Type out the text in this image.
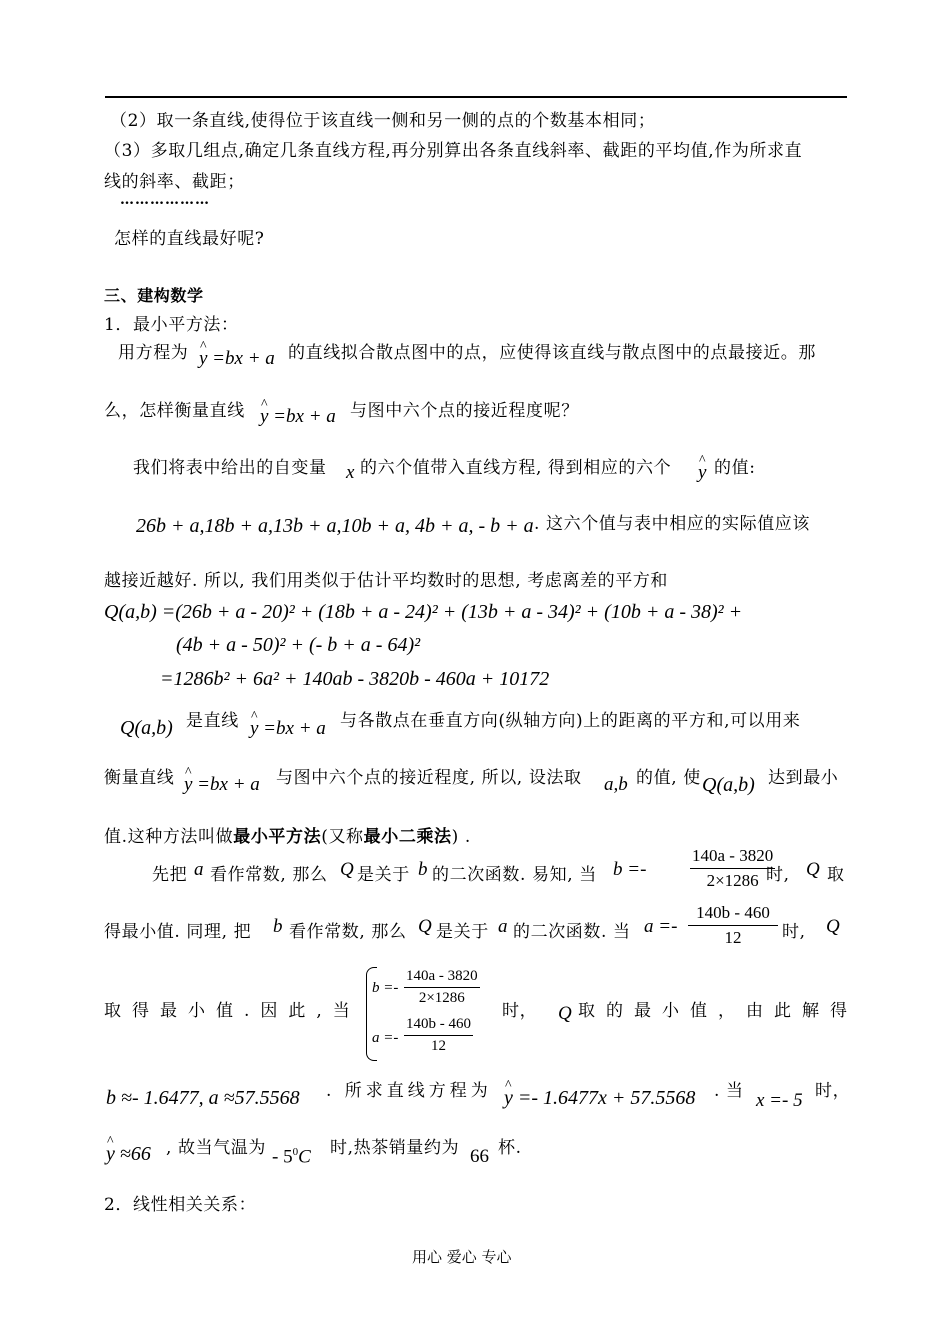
（2）取一条直线,使得位于该直线一侧和另一侧的点的个数基本相同；
（3）多取几组点,确定几条直线方程,再分别算出各条直线斜率、截距的平均值,作为所求直
线的斜率、截距；
………………
怎样的直线最好呢?
三、建构数学
1．最小平方法：
用方程为 ^ y =bx + a 的直线拟合散点图中的点，应使得该直线与散点图中的点最接近。那
么，怎样衡量直线 ^ y =bx + a 与图中六个点的接近程度呢？
我们将表中给出的自变量 x 的六个值带入直线方程, 得到相应的六个 ^ y 的值:
26b + a,18b + a,13b + a,10b + a, 4b + a, - b + a . 这六个值与表中相应的实际值应该
越接近越好. 所以, 我们用类似于估计平均数时的思想, 考虑离差的平方和
Q(a,b) =(26b + a - 20)² + (18b + a - 24)² + (13b + a - 34)² + (10b + a - 38)² +
(4b + a - 50)² + (- b + a - 64)²
=1286b² + 6a² + 140ab - 3820b - 460a + 10172
Q(a,b) 是直线 ^ y =bx + a 与各散点在垂直方向(纵轴方向)上的距离的平方和,可以用来
衡量直线 ^ y =bx + a 与图中六个点的接近程度, 所以, 设法取 a,b 的值, 使 Q(a,b) 达到最小
值.这种方法叫做最小平方法(又称最小二乘法) .
先把 a 看作常数, 那么 Q 是关于 b 的二次函数. 易知, 当 b =-	$\frac{140a - 3820}{2\times 1286}$
时, Q 取
得最小值. 同理, 把 b 看作常数, 那么 Q 是关于 a 的二次函数. 当 $a =- \frac{140b - 460}{12}$ 时, Q
取得最小值.因此,当
$b =- \frac{140a - 3820}{2\times 1286}$
$a =- \frac{140b - 460}{12}$
时， Q 取的最小值，由此解得
b ≈- 1.6477, a ≈57.5568 . 所求直线方程为 ^ y =- 1.6477x + 57.5568 . 当 x =- 5 时，
^ y ≈66 , 故当气温为 - $5^0C$ 时,热茶销量约为 66 杯.
2．线性相关关系：
用心 爱心 专心
